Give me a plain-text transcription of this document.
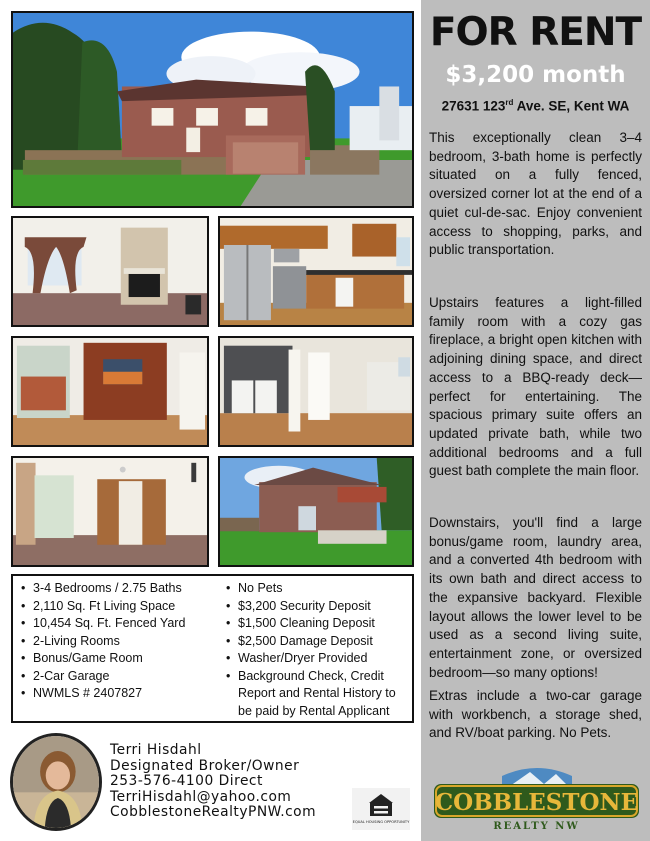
• 3-4 Bedrooms / 2.75 Baths
• 2,110 Sq. Ft Living Space
• 10,454 Sq. Ft. Fenced Yard
• 2-Living Rooms
• Bonus/Game Room
• 2-Car Garage
• NWMLS # 2407827
• No Pets
• $3,200 Security Deposit
• $1,500 Cleaning Deposit
• $2,500 Damage Deposit
• Washer/Dryer Provided
• Background Check, Credit Report and Rental History to be paid by Rental Applicant
Terri Hisdahl
Designated Broker/Owner
253-576-4100 Direct
TerriHisdahl@yahoo.com
CobblestoneRealtyPNW.com
EQUAL HOUSING OPPORTUNITY
FOR RENT
$3,200 month
27631 123rd Ave. SE, Kent WA

This exceptionally clean 3–4 bedroom, 3-bath home is perfectly situated on a fully fenced, oversized corner lot at the end of a quiet cul-de-sac. Enjoy convenient access to shopping, parks, and public transportation.

Upstairs features a light-filled family room with a cozy gas fireplace, a bright open kitchen with adjoining dining space, and direct access to a BBQ-ready deck—perfect for entertaining. The spacious primary suite offers an updated private bath, while two additional bedrooms and a full guest bath complete the main floor.

Downstairs, you'll find a large bonus/game room, laundry area, and a converted 4th bedroom with its own bath and direct access to the expansive backyard. Flexible layout allows the lower level to be used as a second living suite, entertainment zone, or oversized bedroom—so many options!

Extras include a two-car garage with workbench, a storage shed, and RV/boat parking. No Pets.

COBBLESTONE
REALTY NW
